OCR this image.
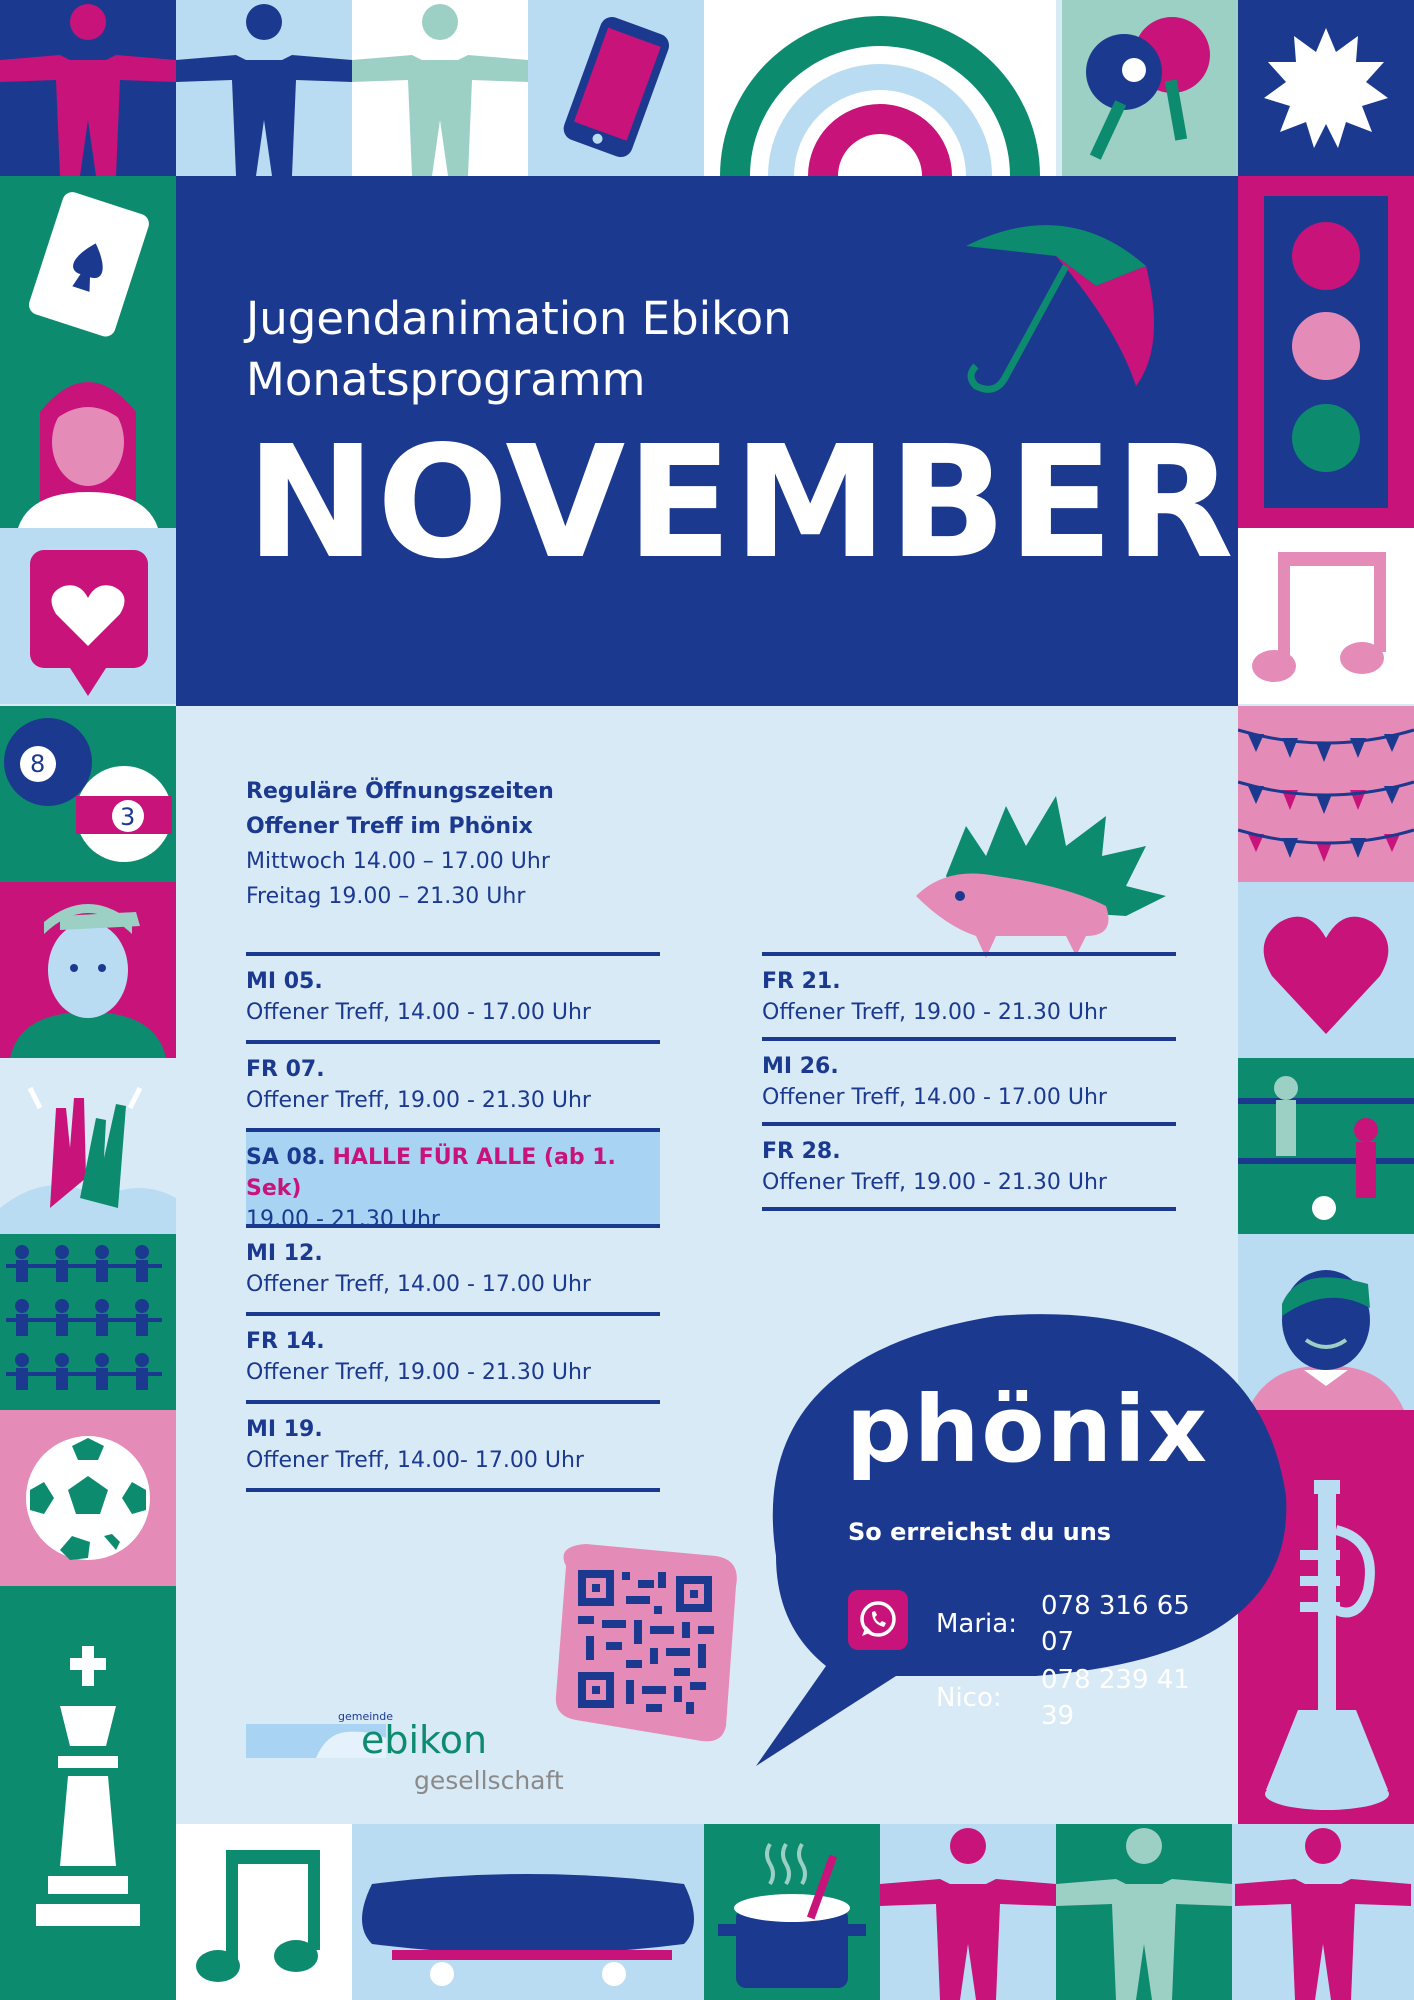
8
3
Jugendanimation Ebikon
Monatsprogramm
NOVEMBER
Reguläre Öffnungszeiten
Offener Treff im Phönix
Mittwoch 14.00 – 17.00 Uhr
Freitag 19.00 – 21.30 Uhr
MI 05.
Offener Treff, 14.00 - 17.00 Uhr
FR 07.
Offener Treff, 19.00 - 21.30 Uhr
SA 08. HALLE FÜR ALLE (ab 1. Sek)
19.00 - 21.30 Uhr
MI 12.
Offener Treff, 14.00 - 17.00 Uhr
FR 14.
Offener Treff, 19.00 - 21.30 Uhr
MI 19.
Offener Treff, 14.00- 17.00 Uhr
FR 21.
Offener Treff, 19.00 - 21.30 Uhr
MI 26.
Offener Treff, 14.00 - 17.00 Uhr
FR 28.
Offener Treff, 19.00 - 21.30 Uhr
phönix
So erreichst du uns
Maria:	078 316 65 07
Nico:	078 239 41 39
gemeinde
ebikon
gesellschaft
